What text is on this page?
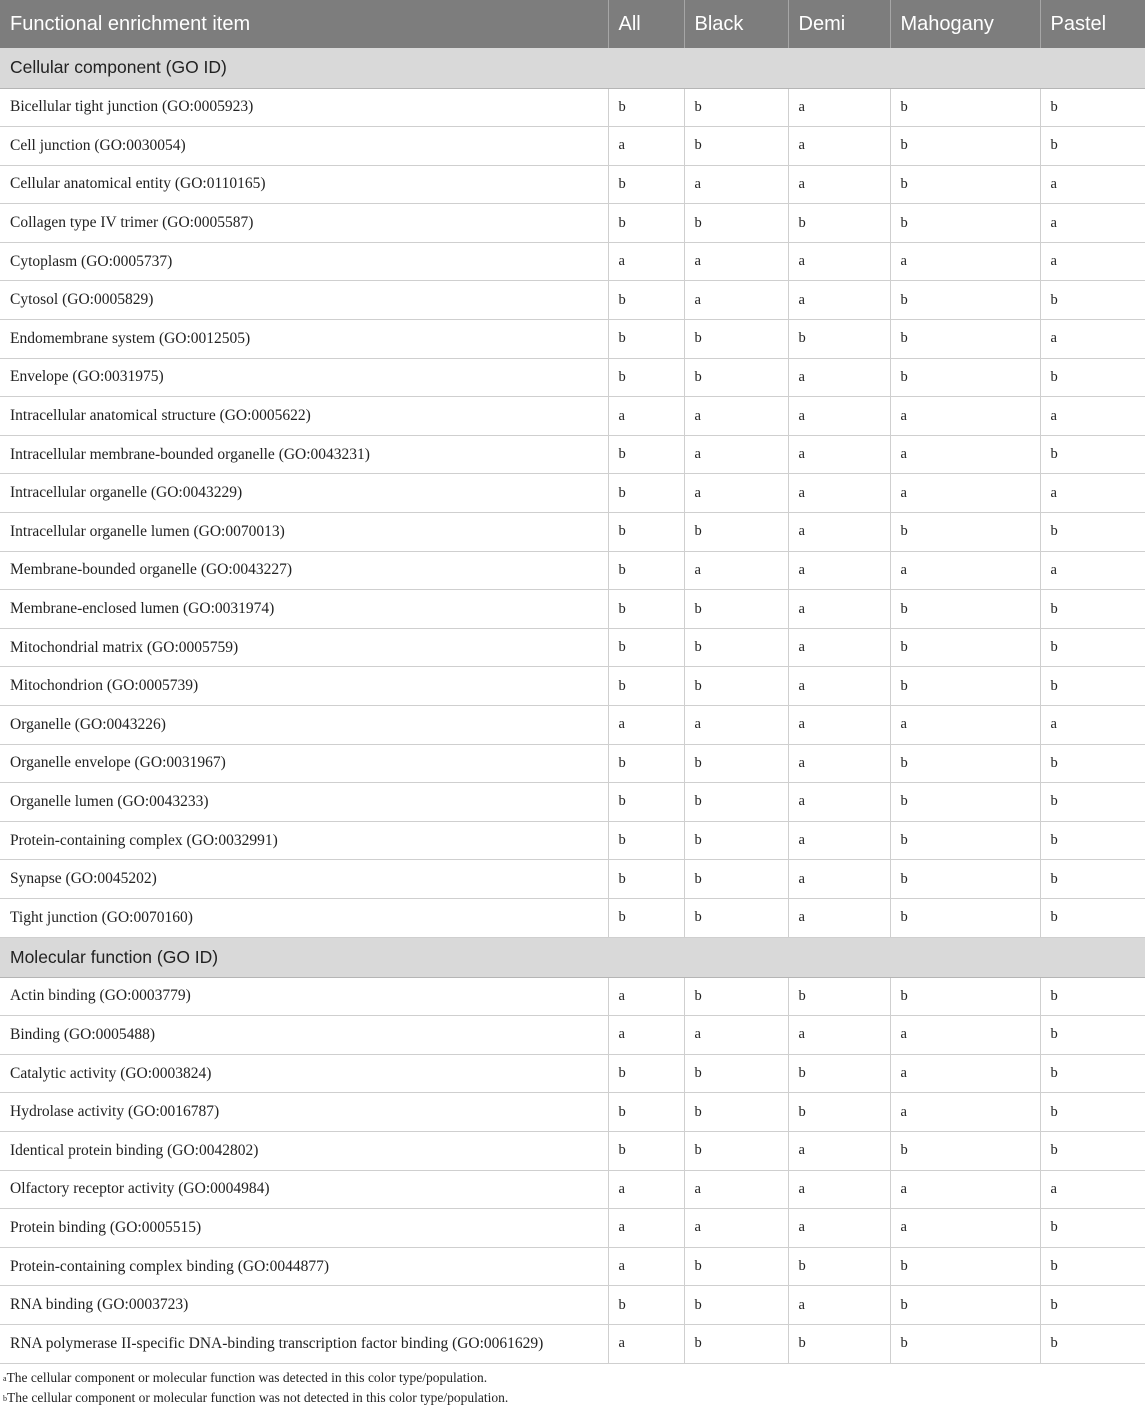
Functional enrichment item	All	Black	Demi	Mahogany	Pastel
Cellular component (GO ID)					
Bicellular tight junction (GO:0005923)	b	b	a	b	b
Cell junction (GO:0030054)	a	b	a	b	b
Cellular anatomical entity (GO:0110165)	b	a	a	b	a
Collagen type IV trimer (GO:0005587)	b	b	b	b	a
Cytoplasm (GO:0005737)	a	a	a	a	a
Cytosol (GO:0005829)	b	a	a	b	b
Endomembrane system (GO:0012505)	b	b	b	b	a
Envelope (GO:0031975)	b	b	a	b	b
Intracellular anatomical structure (GO:0005622)	a	a	a	a	a
Intracellular membrane-bounded organelle (GO:0043231)	b	a	a	a	b
Intracellular organelle (GO:0043229)	b	a	a	a	a
Intracellular organelle lumen (GO:0070013)	b	b	a	b	b
Membrane-bounded organelle (GO:0043227)	b	a	a	a	a
Membrane-enclosed lumen (GO:0031974)	b	b	a	b	b
Mitochondrial matrix (GO:0005759)	b	b	a	b	b
Mitochondrion (GO:0005739)	b	b	a	b	b
Organelle (GO:0043226)	a	a	a	a	a
Organelle envelope (GO:0031967)	b	b	a	b	b
Organelle lumen (GO:0043233)	b	b	a	b	b
Protein-containing complex (GO:0032991)	b	b	a	b	b
Synapse (GO:0045202)	b	b	a	b	b
Tight junction (GO:0070160)	b	b	a	b	b
Molecular function (GO ID)					
Actin binding (GO:0003779)	a	b	b	b	b
Binding (GO:0005488)	a	a	a	a	b
Catalytic activity (GO:0003824)	b	b	b	a	b
Hydrolase activity (GO:0016787)	b	b	b	a	b
Identical protein binding (GO:0042802)	b	b	a	b	b
Olfactory receptor activity (GO:0004984)	a	a	a	a	a
Protein binding (GO:0005515)	a	a	a	a	b
Protein-containing complex binding (GO:0044877)	a	b	b	b	b
RNA binding (GO:0003723)	b	b	a	b	b
RNA polymerase II-specific DNA-binding transcription factor binding (GO:0061629)	a	b	b	b	b
$^a$The cellular component or molecular function was detected in this color type/population.
$^b$The cellular component or molecular function was not detected in this color type/population.
